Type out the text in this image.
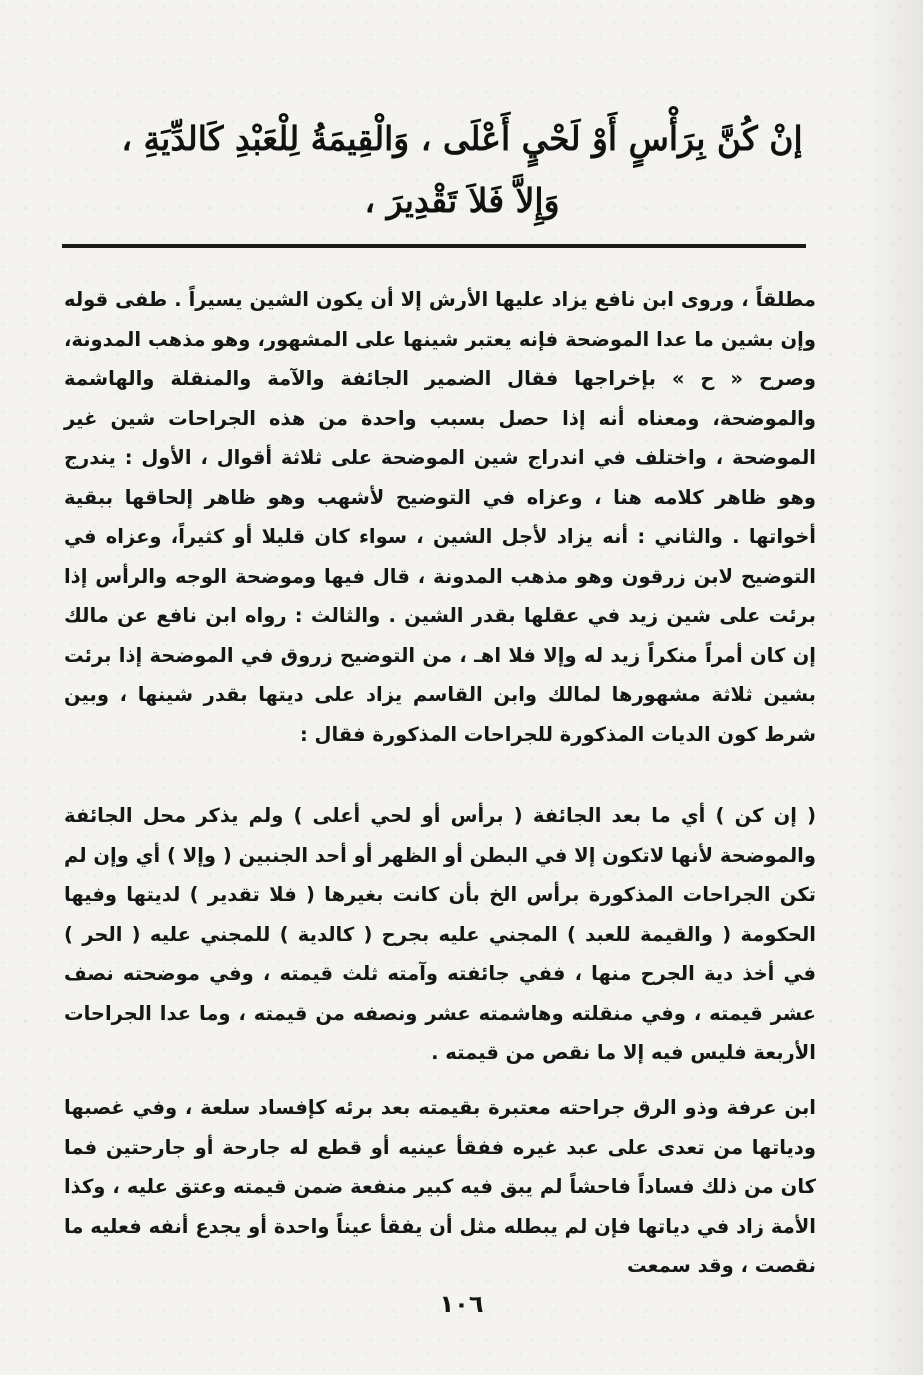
إنْ كُنَّ بِرَأْسٍ أَوْ لَحْيٍ أَعْلَى ، وَالْقِيمَةُ لِلْعَبْدِ كَالدِّيَةِ ،
وَإِلاَّ فَلاَ تَقْدِيرَ ،
مطلقاً ، وروى ابن نافع يزاد عليها الأرش إلا أن يكون الشين يسيراً . طفى قوله وإن بشين ما عدا الموضحة فإنه يعتبر شينها على المشهور، وهو مذهب المدونة، وصرح « ح » بإخراجها فقال الضمير الجائفة والآمة والمنقلة والهاشمة والموضحة، ومعناه أنه إذا حصل بسبب واحدة من هذه الجراحات شين غير الموضحة ، واختلف في اندراج شين الموضحة على ثلاثة أقوال ، الأول : يندرج وهو ظاهر كلامه هنا ، وعزاه في التوضيح لأشهب وهو ظاهر إلحاقها ببقية أخواتها . والثاني : أنه يزاد لأجل الشين ، سواء كان قليلا أو كثيراً، وعزاه في التوضيح لابن زرقون وهو مذهب المدونة ، قال فيها وموضحة الوجه والرأس إذا برئت على شين زيد في عقلها بقدر الشين . والثالث : رواه ابن نافع عن مالك إن كان أمراً منكراً زيد له وإلا فلا اهـ ، من التوضيح زروق في الموضحة إذا برئت بشين ثلاثة مشهورها لمالك وابن القاسم يزاد على ديتها بقدر شينها ، وبين شرط كون الديات المذكورة للجراحات المذكورة فقال :
( إن كن ) أي ما بعد الجائفة ( برأس أو لحي أعلى ) ولم يذكر محل الجائفة والموضحة لأنها لاتكون إلا في البطن أو الظهر أو أحد الجنبين ( وإلا ) أي وإن لم تكن الجراحات المذكورة برأس الخ بأن كانت بغيرها ( فلا تقدير ) لديتها وفيها الحكومة ( والقيمة للعبد ) المجني عليه بجرح ( كالدية ) للمجني عليه ( الحر ) في أخذ دية الجرح منها ، ففي جائفته وآمته ثلث قيمته ، وفي موضحته نصف عشر قيمته ، وفي منقلته وهاشمته عشر ونصفه من قيمته ، وما عدا الجراحات الأربعة فليس فيه إلا ما نقص من قيمته .
ابن عرفة وذو الرق جراحته معتبرة بقيمته بعد برئه كإفساد سلعة ، وفي غصبها ودياتها من تعدى على عبد غيره ففقأ عينيه أو قطع له جارحة أو جارحتين فما كان من ذلك فساداً فاحشاً لم يبق فيه كبير منفعة ضمن قيمته وعتق عليه ، وكذا الأمة زاد في دياتها فإن لم يبطله مثل أن يفقأ عيناً واحدة أو يجدع أنفه فعليه ما نقصت ، وقد سمعت
١٠٦
